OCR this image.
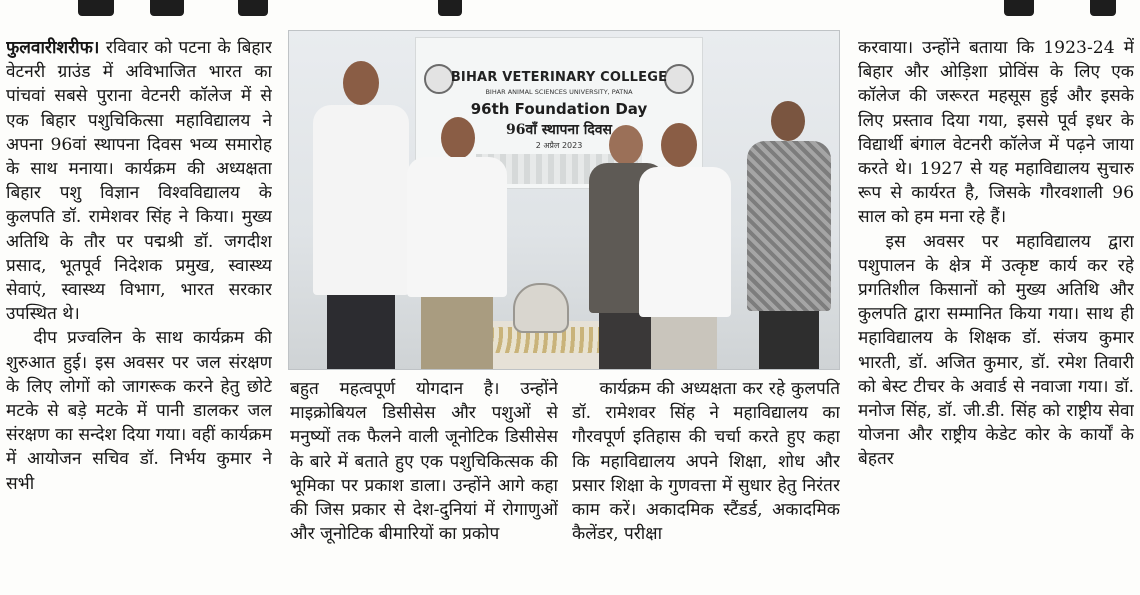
फुलवारीशरीफ। रविवार को पटना के बिहार वेटनरी ग्राउंड में अविभाजित भारत का पांचवां सबसे पुराना वेटनरी कॉलेज में से एक बिहार पशुचिकित्सा महाविद्यालय ने अपना 96वां स्थापना दिवस भव्य समारोह के साथ मनाया। कार्यक्रम की अध्यक्षता बिहार पशु विज्ञान विश्वविद्यालय के कुलपति डॉ. रामेशवर सिंह ने किया। मुख्य अतिथि के तौर पर पद्मश्री डॉ. जगदीश प्रसाद, भूतपूर्व निदेशक प्रमुख, स्वास्थ्य सेवाएं, स्वास्थ्य विभाग, भारत सरकार उपस्थित थे।

दीप प्रज्वलिन के साथ कार्यक्रम की शुरुआत हुई। इस अवसर पर जल संरक्षण के लिए लोगों को जागरूक करने हेतु छोटे मटके से बड़े मटके में पानी डालकर जल संरक्षण का सन्देश दिया गया। वहीं कार्यक्रम में आयोजन सचिव डॉ. निर्भय कुमार ने सभी

BIHAR VETERINARY COLLEGE
BIHAR ANIMAL SCIENCES UNIVERSITY, PATNA
96th Foundation Day
96वाँ स्थापना दिवस
2 अप्रैल 2023

बहुत महत्वपूर्ण योगदान है। उन्होंने माइक्रोबियल डिसीसेस और पशुओं से मनुष्यों तक फैलने वाली जूनोटिक डिसीसेस के बारे में बताते हुए एक पशुचिकित्सक की भूमिका पर प्रकाश डाला। उन्होंने आगे कहा की जिस प्रकार से देश-दुनियां में रोगाणुओं और जूनोटिक बीमारियों का प्रकोप

कार्यक्रम की अध्यक्षता कर रहे कुलपति डॉ. रामेशवर सिंह ने महाविद्यालय का गौरवपूर्ण इतिहास की चर्चा करते हुए कहा कि महाविद्यालय अपने शिक्षा, शोध और प्रसार शिक्षा के गुणवत्ता में सुधार हेतु निरंतर काम करें। अकादमिक स्टैंडर्ड, अकादमिक कैलेंडर, परीक्षा

करवाया। उन्होंने बताया कि 1923-24 में बिहार और ओड़िशा प्रोविंस के लिए एक कॉलेज की जरूरत महसूस हुई और इसके लिए प्रस्ताव दिया गया, इससे पूर्व इधर के विद्यार्थी बंगाल वेटनरी कॉलेज में पढ़ने जाया करते थे। 1927 से यह महाविद्यालय सुचारु रूप से कार्यरत है, जिसके गौरवशाली 96 साल को हम मना रहे हैं।

इस अवसर पर महाविद्यालय द्वारा पशुपालन के क्षेत्र में उत्कृष्ट कार्य कर रहे प्रगतिशील किसानों को मुख्य अतिथि और कुलपति द्वारा सम्मानित किया गया। साथ ही महाविद्यालय के शिक्षक डॉ. संजय कुमार भारती, डॉ. अजित कुमार, डॉ. रमेश तिवारी को बेस्ट टीचर के अवार्ड से नवाजा गया। डॉ. मनोज सिंह, डॉ. जी.डी. सिंह को राष्ट्रीय सेवा योजना और राष्ट्रीय केडेट कोर के कार्यों के बेहतर
